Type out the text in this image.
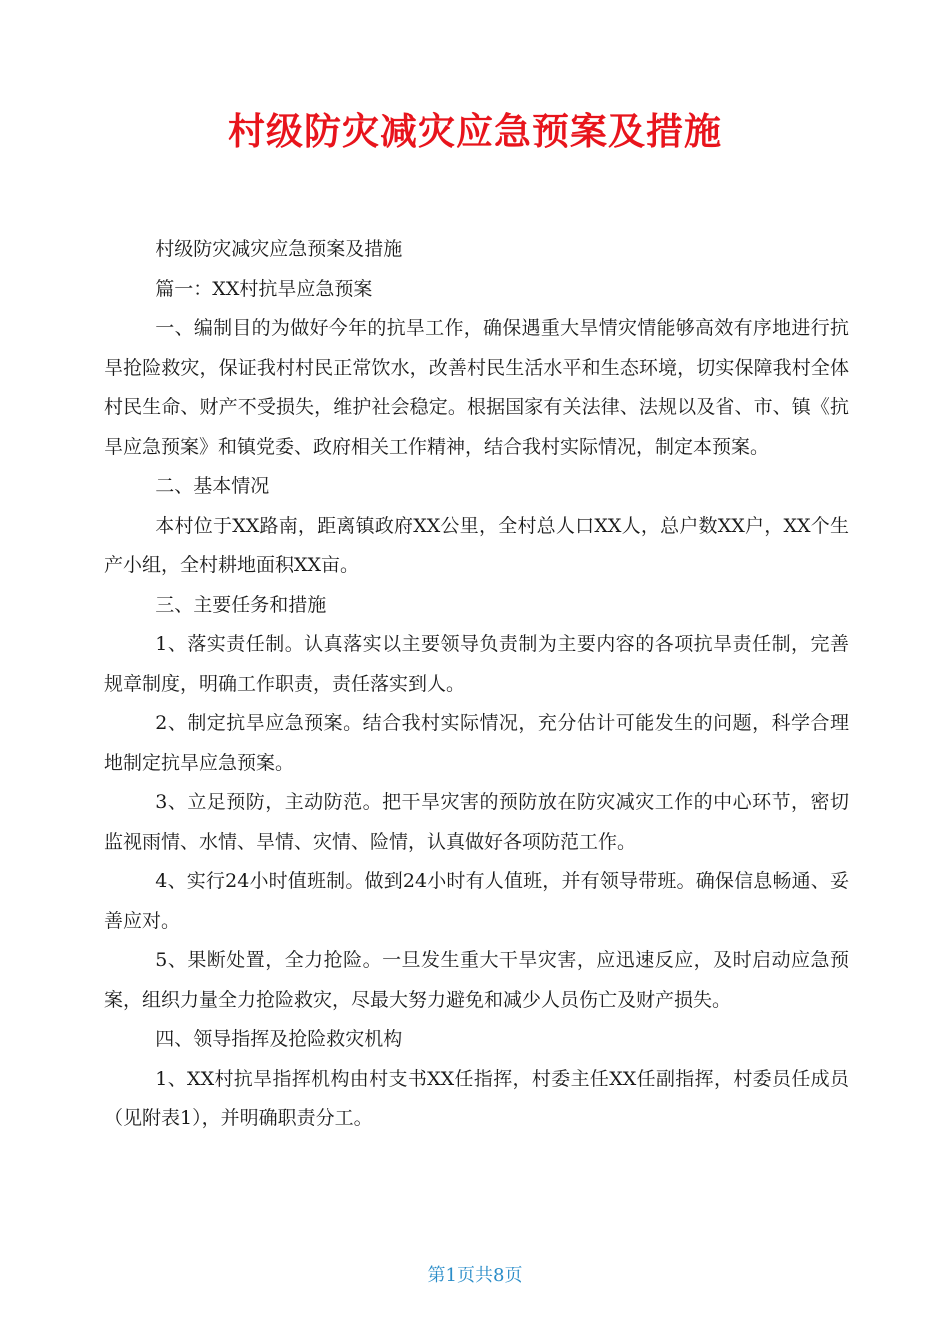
村级防灾减灾应急预案及措施

村级防灾减灾应急预案及措施

篇一：XX村抗旱应急预案

一、编制目的为做好今年的抗旱工作，确保遇重大旱情灾情能够高效有序地进行抗旱抢险救灾，保证我村村民正常饮水，改善村民生活水平和生态环境，切实保障我村全体村民生命、财产不受损失，维护社会稳定。根据国家有关法律、法规以及省、市、镇《抗旱应急预案》和镇党委、政府相关工作精神，结合我村实际情况，制定本预案。

二、基本情况

本村位于XX路南，距离镇政府XX公里，全村总人口XX人，总户数XX户，XX个生产小组，全村耕地面积XX亩。

三、主要任务和措施

1、落实责任制。认真落实以主要领导负责制为主要内容的各项抗旱责任制，完善规章制度，明确工作职责，责任落实到人。

2、制定抗旱应急预案。结合我村实际情况，充分估计可能发生的问题，科学合理地制定抗旱应急预案。

3、立足预防，主动防范。把干旱灾害的预防放在防灾减灾工作的中心环节，密切监视雨情、水情、旱情、灾情、险情，认真做好各项防范工作。

4、实行24小时值班制。做到24小时有人值班，并有领导带班。确保信息畅通、妥善应对。

5、果断处置，全力抢险。一旦发生重大干旱灾害，应迅速反应，及时启动应急预案，组织力量全力抢险救灾，尽最大努力避免和减少人员伤亡及财产损失。

四、领导指挥及抢险救灾机构

1、XX村抗旱指挥机构由村支书XX任指挥，村委主任XX任副指挥，村委员任成员（见附表1），并明确职责分工。

第1页共8页
